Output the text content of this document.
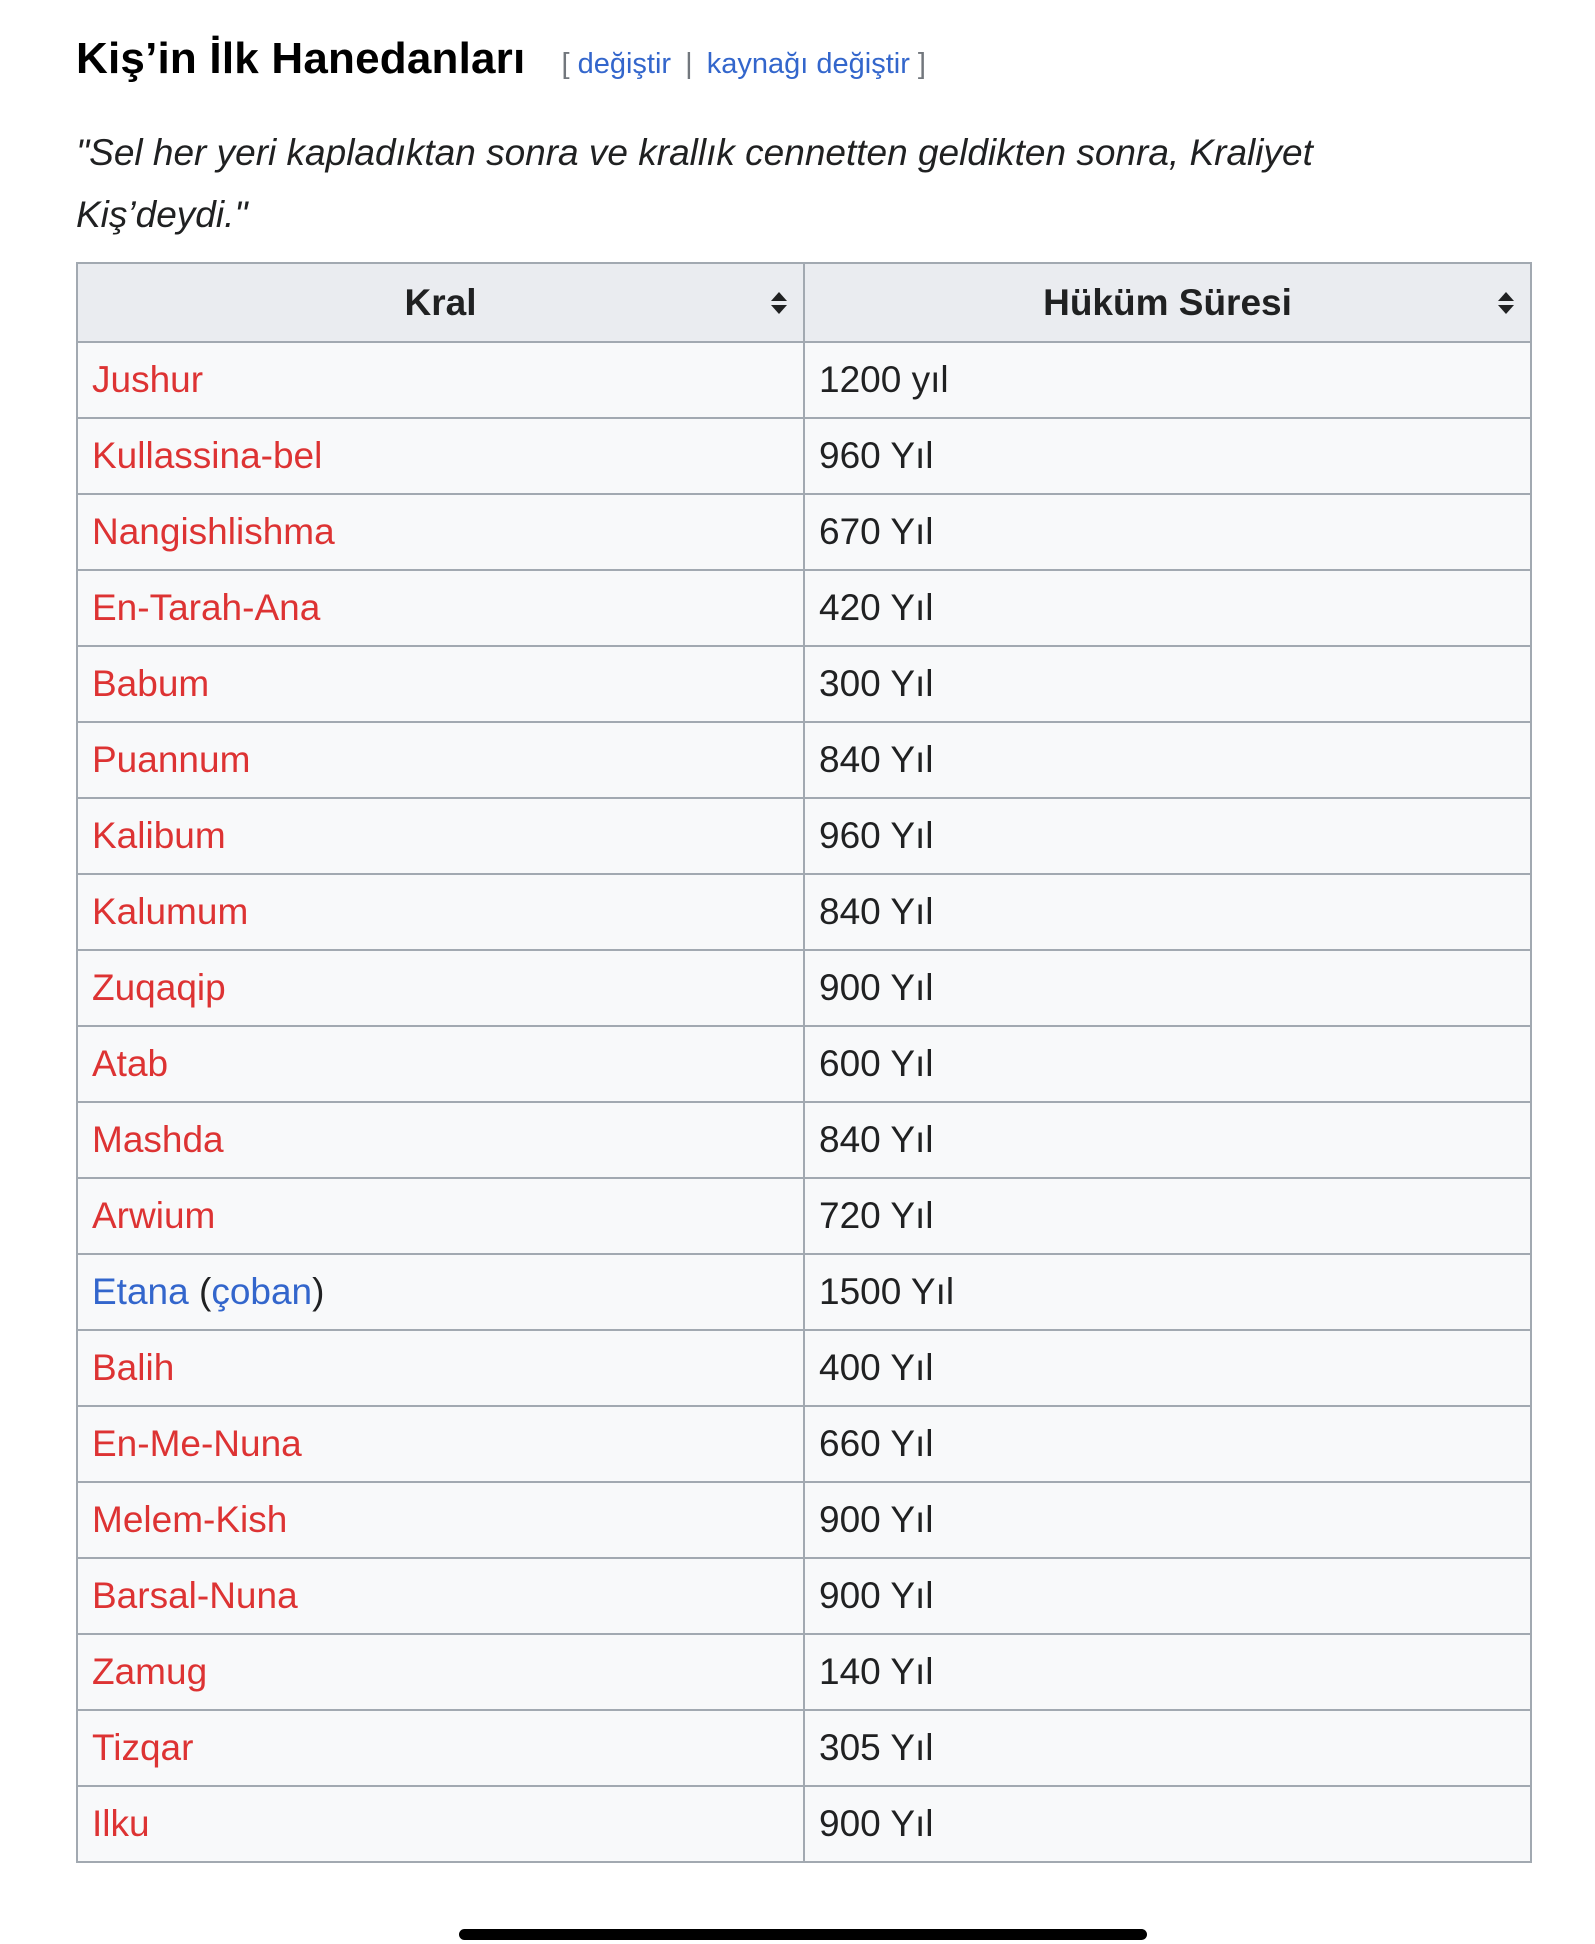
Kiş’in İlk Hanedanları [ değiştir | kaynağı değiştir ]
"Sel her yeri kapladıktan sonra ve krallık cennetten geldikten sonra, Kraliyet Kiş’deydi."
Kral	Hüküm Süresi

Jushur	1200 yıl
Kullassina-bel	960 Yıl
Nangishlishma	670 Yıl
En-Tarah-Ana	420 Yıl
Babum	300 Yıl
Puannum	840 Yıl
Kalibum	960 Yıl
Kalumum	840 Yıl
Zuqaqip	900 Yıl
Atab	600 Yıl
Mashda	840 Yıl
Arwium	720 Yıl
Etana (çoban)	1500 Yıl
Balih	400 Yıl
En-Me-Nuna	660 Yıl
Melem-Kish	900 Yıl
Barsal-Nuna	900 Yıl
Zamug	140 Yıl
Tizqar	305 Yıl
Ilku	900 Yıl
